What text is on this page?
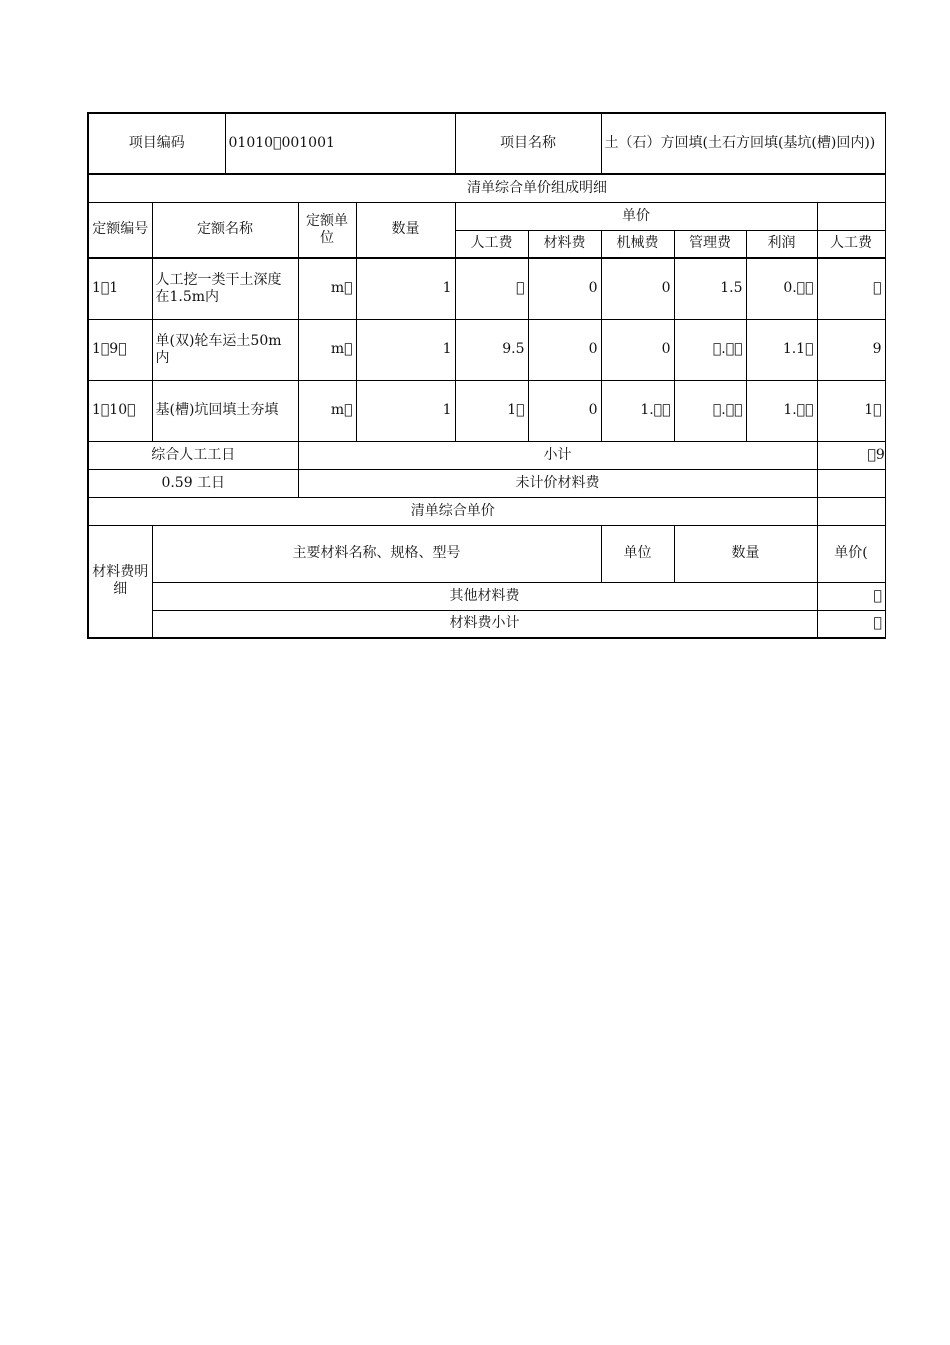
项目编码		01010 001001			项目名称		土（石）方回填(土石方回填(基坑(槽)回内))			
					清单综合单价组成明细					
定额编号	定额名称		定额单位	数量	单价					
					人工费	材料费	机械费	管理费	利润	人工费
1 1	人工挖一类干土深度在1.5m内		m 	1	 	0	0	1.5	0.  	 
1 9 	单(双)轮车运土50m内		m 	1	9.5	0	0	 .  	1.1 	9
1 10 	基(槽)坑回填土夯填		m 	1	1 	0	1.  	 .  	1.  	1 
综合人工工日			小计							 9
0.59 工日			未计价材料费							
清单综合单价										
材料费明细	主要材料名称、规格、型号						单位	数量		单价(
	其他材料费									 
	材料费小计									 
